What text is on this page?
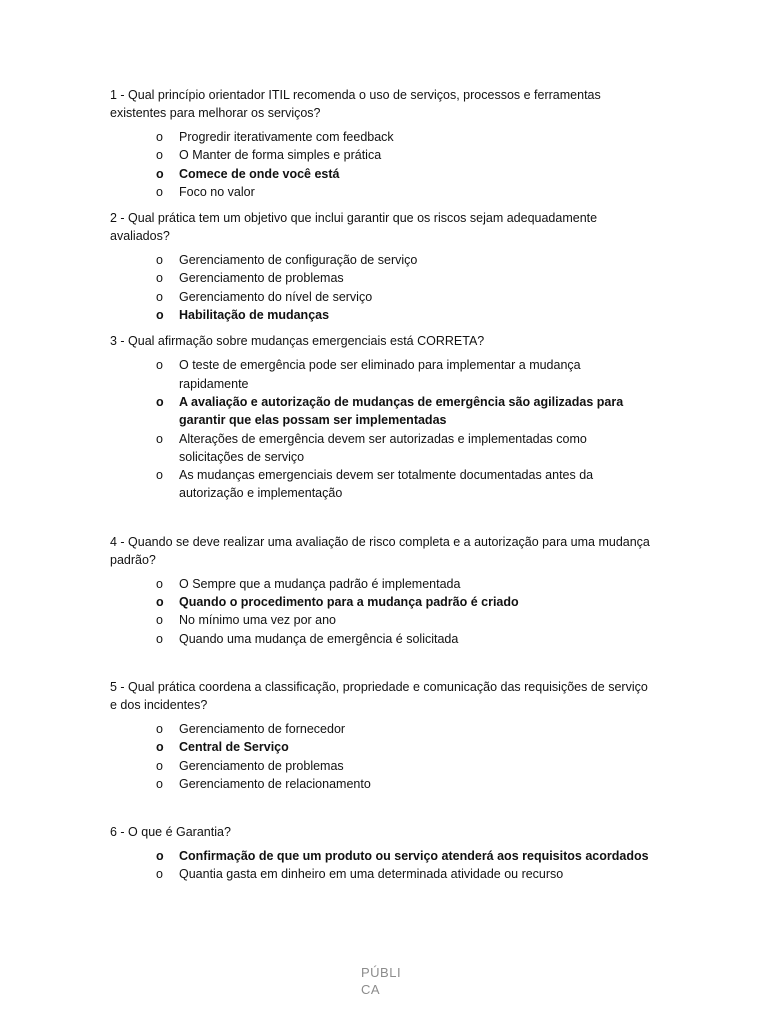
1 - Qual princípio orientador ITIL recomenda o uso de serviços, processos e ferramentas existentes para melhorar os serviços?

o Progredir iterativamente com feedback
o O Manter de forma simples e prática
o Comece de onde você está
o Foco no valor

2 - Qual prática tem um objetivo que inclui garantir que os riscos sejam adequadamente avaliados?

o Gerenciamento de configuração de serviço
o Gerenciamento de problemas
o Gerenciamento do nível de serviço
o Habilitação de mudanças

3 - Qual afirmação sobre mudanças emergenciais está CORRETA?

o O teste de emergência pode ser eliminado para implementar a mudança rapidamente
o A avaliação e autorização de mudanças de emergência são agilizadas para garantir que elas possam ser implementadas
o Alterações de emergência devem ser autorizadas e implementadas como solicitações de serviço
o As mudanças emergenciais devem ser totalmente documentadas antes da autorização e implementação

4 - Quando se deve realizar uma avaliação de risco completa e a autorização para uma mudança padrão?

o O Sempre que a mudança padrão é implementada
o Quando o procedimento para a mudança padrão é criado
o No mínimo uma vez por ano
o Quando uma mudança de emergência é solicitada

5 - Qual prática coordena a classificação, propriedade e comunicação das requisições de serviço e dos incidentes?

o Gerenciamento de fornecedor
o Central de Serviço
o Gerenciamento de problemas
o Gerenciamento de relacionamento

6 - O que é Garantia?

o Confirmação de que um produto ou serviço atenderá aos requisitos acordados
o Quantia gasta em dinheiro em uma determinada atividade ou recurso
PÚBLI
CA
